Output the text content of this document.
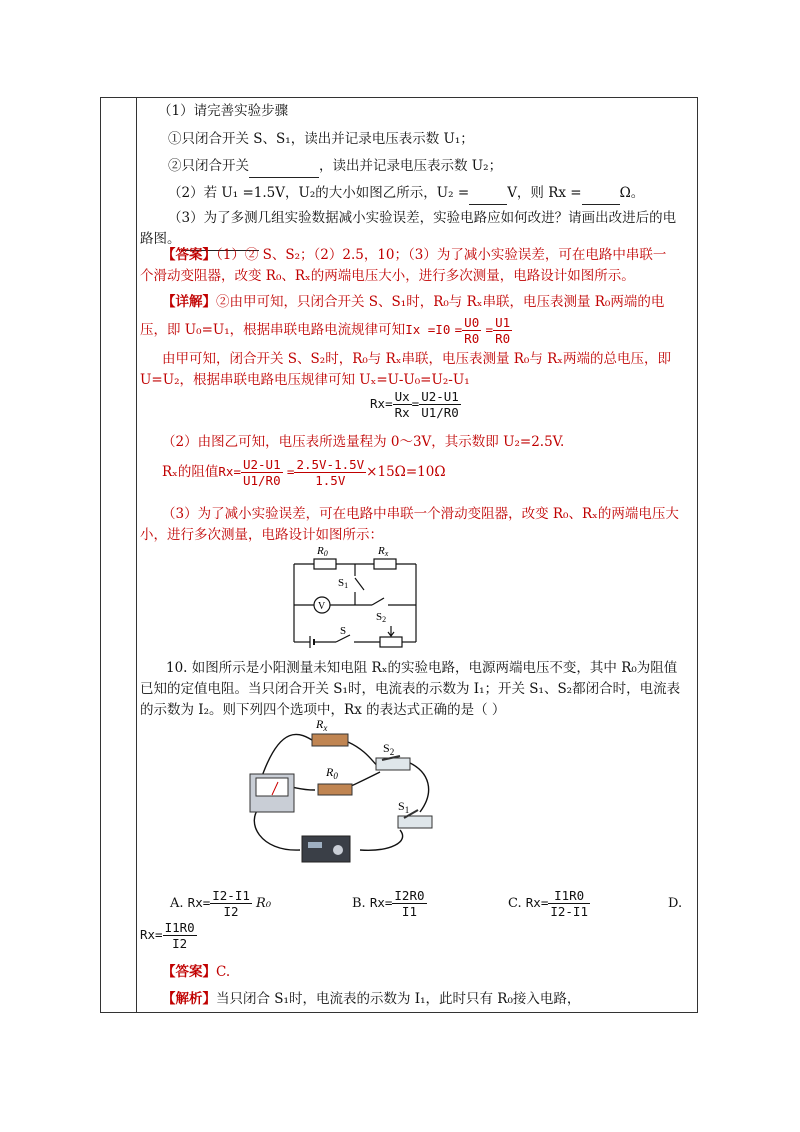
（1）请完善实验步骤
①只闭合开关 S、S₁，读出并记录电压表示数 U₁；
②只闭合开关	，读出并记录电压表示数 U₂；
（2）若 U₁ =1.5V，U₂的大小如图乙所示，U₂ =	V，则 Rx =	Ω。
（3）为了多测几组实验数据减小实验误差，实验电路应如何改进？请画出改进后的电
路图。
【答案】（1）② S、S₂；（2）2.5，10；（3）为了减小实验误差，可在电路中串联一
个滑动变阻器，改变 R₀、Rₓ的两端电压大小，进行多次测量，电路设计如图所示。
【详解】②由甲可知，只闭合开关 S、S₁时，R₀与 Rₓ串联，电压表测量 R₀两端的电
压，即 U₀=U₁，根据串联电路电流规律可知$Ix =I0 = \frac{U0}{R0} = \frac{U1}{R0}$
由甲可知，闭合开关 S、S₂时，R₀与 Rₓ串联，电压表测量 R₀与 Rₓ两端的总电压，即
U=U₂，根据串联电路电压规律可知 Uₓ=U-U₀=U₂-U₁
$Rx= \frac{Ux}{Rx} = \frac{U2-U1}{U1/R0}$
（2）由图乙可知，电压表所选量程为 0～3V，其示数即 U₂=2.5V.
Rₓ的阻值$Rx= \frac{U2-U1}{U1/R0} = \frac{2.5V-1.5V}{1.5V} \times 15\Omega=10\Omega$
（3）为了减小实验误差，可在电路中串联一个滑动变阻器，改变 R₀、Rₓ的两端电压大
小，进行多次测量，电路设计如图所示：
R0	Rx
S1
S2
S
V
10. 如图所示是小阳测量未知电阻 Rₓ的实验电路，电源两端电压不变，其中 R₀为阻值
已知的定值电阻。当只闭合开关 S₁时，电流表的示数为 I₁；开关 S₁、S₂都闭合时，电流表
的示数为 I₂。则下列四个选项中，Rx 的表达式正确的是（ ）
$R_x$
$R_0$
$S_2$
$S_1$
A. $Rx= \frac{I2-I1}{I2} R_0$	B. $Rx= \frac{I2R0}{I1}$	C. $Rx= \frac{I1R0}{I2-I1}$	D.
$Rx= \frac{I1R0}{I2}$
【答案】C.
【解析】当只闭合 S₁时，电流表的示数为 I₁，此时只有 R₀接入电路，
